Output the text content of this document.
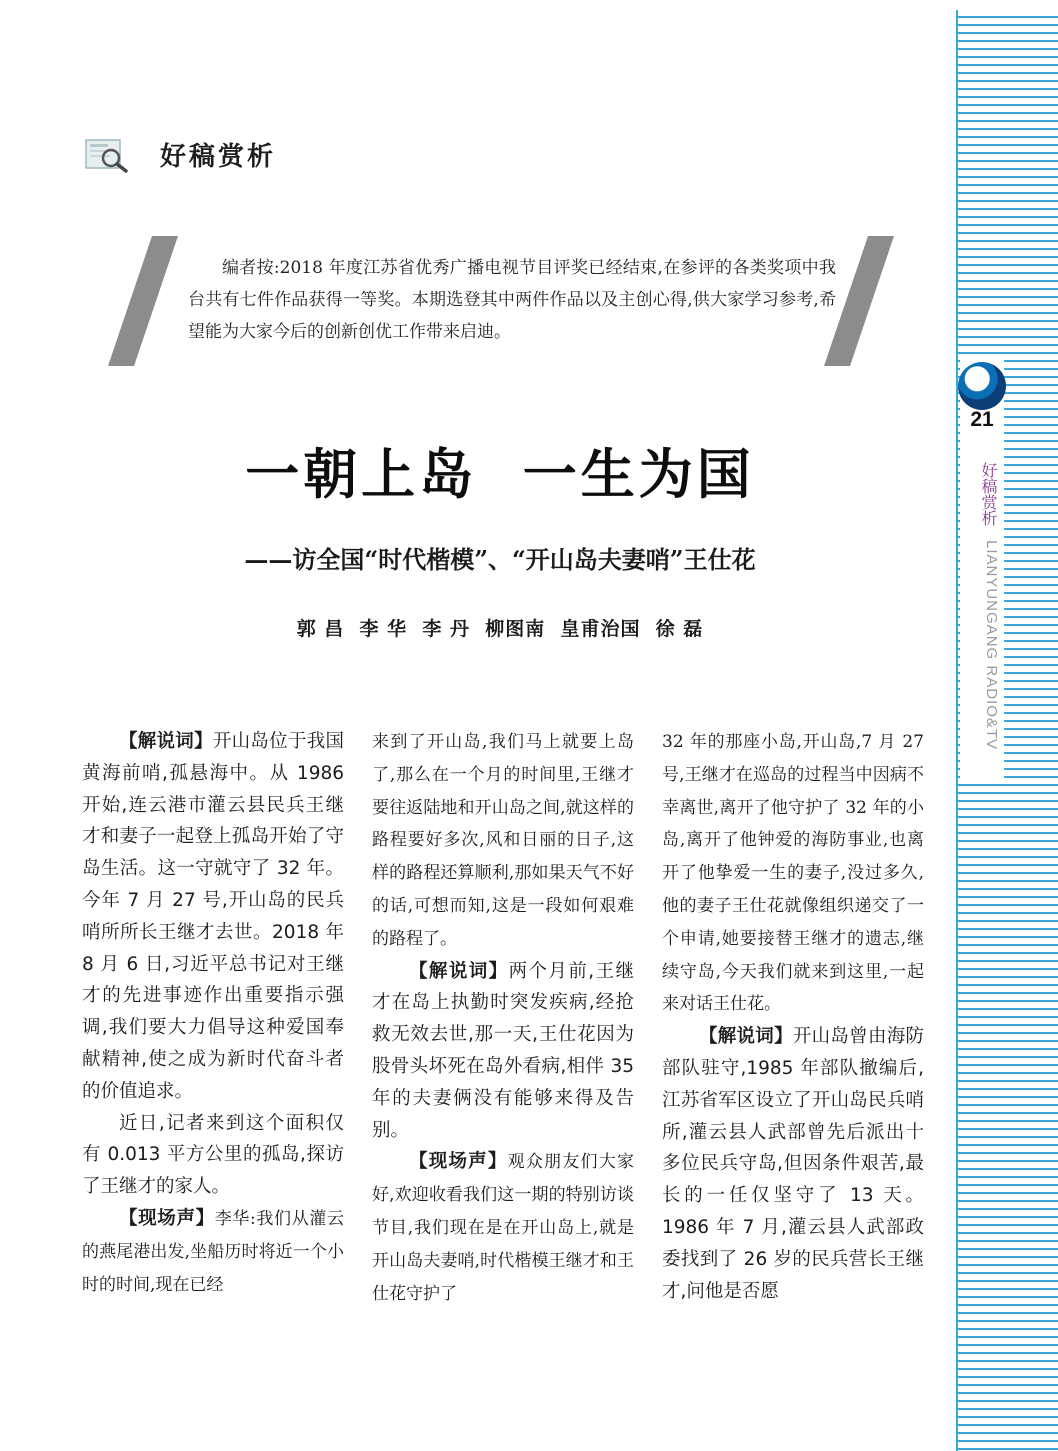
21
好稿赏析
LIANYUNGANG RADIO&TV
好稿赏析
编者按:2018 年度江苏省优秀广播电视节目评奖已经结束,在参评的各类奖项中我台共有七件作品获得一等奖。本期选登其中两件作品以及主创心得,供大家学习参考,希望能为大家今后的创新创优工作带来启迪。
一朝上岛  一生为国
——访全国“时代楷模”、“开山岛夫妻哨”王仕花
郭 昌  李 华  李 丹  柳图南  皇甫治国  徐 磊

【解说词】开山岛位于我国黄海前哨,孤悬海中。从 1986 开始,连云港市灌云县民兵王继才和妻子一起登上孤岛开始了守岛生活。这一守就守了 32 年。今年 7 月 27 号,开山岛的民兵哨所所长王继才去世。2018 年 8 月 6 日,习近平总书记对王继才的先进事迹作出重要指示强调,我们要大力倡导这种爱国奉献精神,使之成为新时代奋斗者的价值追求。

近日,记者来到这个面积仅有 0.013 平方公里的孤岛,探访了王继才的家人。

【现场声】李华:我们从灌云的燕尾港出发,坐船历时将近一个小时的时间,现在已经

来到了开山岛,我们马上就要上岛了,那么在一个月的时间里,王继才要往返陆地和开山岛之间,就这样的路程要好多次,风和日丽的日子,这样的路程还算顺利,那如果天气不好的话,可想而知,这是一段如何艰难的路程了。

【解说词】两个月前,王继才在岛上执勤时突发疾病,经抢救无效去世,那一天,王仕花因为股骨头坏死在岛外看病,相伴 35 年的夫妻俩没有能够来得及告别。

【现场声】观众朋友们大家好,欢迎收看我们这一期的特别访谈节目,我们现在是在开山岛上,就是开山岛夫妻哨,时代楷模王继才和王仕花守护了

32 年的那座小岛,开山岛,7 月 27 号,王继才在巡岛的过程当中因病不幸离世,离开了他守护了 32 年的小岛,离开了他钟爱的海防事业,也离开了他挚爱一生的妻子,没过多久,他的妻子王仕花就像组织递交了一个申请,她要接替王继才的遗志,继续守岛,今天我们就来到这里,一起来对话王仕花。

【解说词】开山岛曾由海防部队驻守,1985 年部队撤编后,江苏省军区设立了开山岛民兵哨所,灌云县人武部曾先后派出十多位民兵守岛,但因条件艰苦,最长的一任仅坚守了 13 天。1986 年 7 月,灌云县人武部政委找到了 26 岁的民兵营长王继才,问他是否愿
